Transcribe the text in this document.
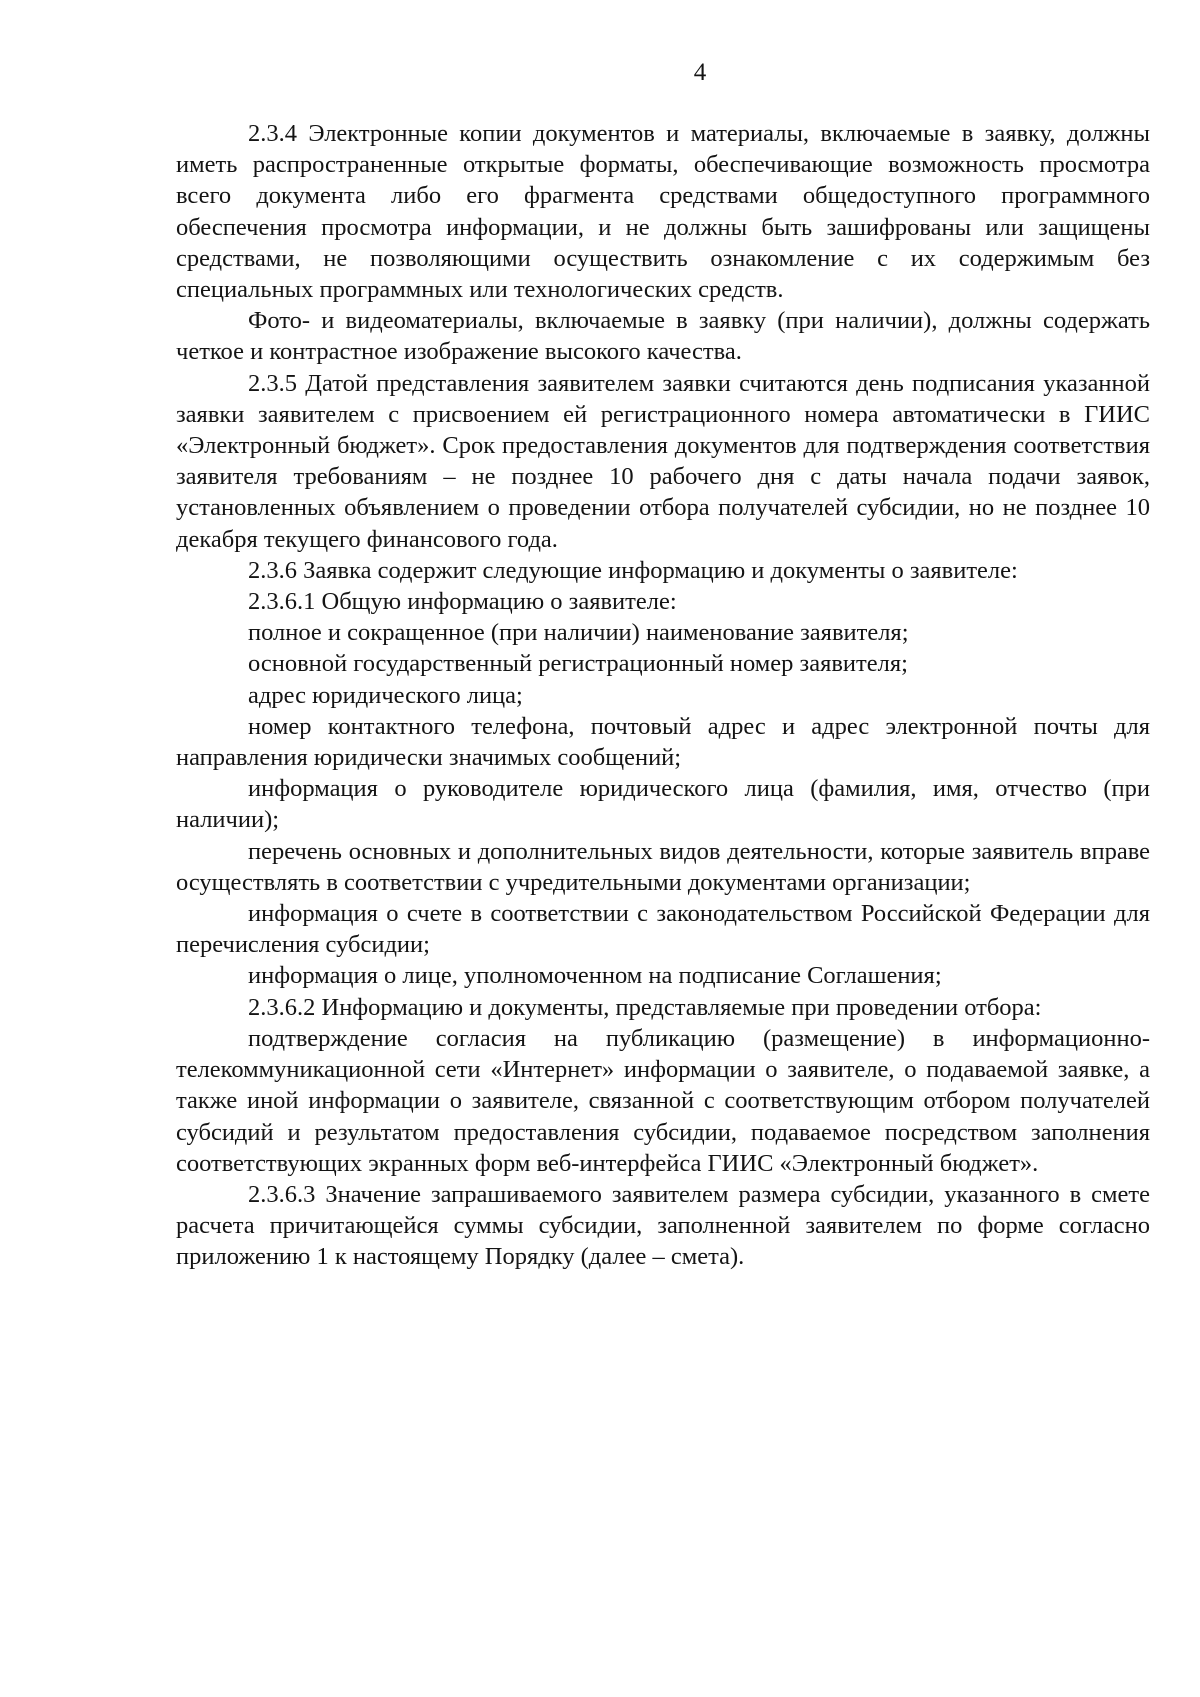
4

2.3.4 Электронные копии документов и материалы, включаемые в заявку, должны иметь распространенные открытые форматы, обеспечивающие возможность просмотра всего документа либо его фрагмента средствами общедоступного программного обеспечения просмотра информации, и не должны быть зашифрованы или защищены средствами, не позволяющими осуществить ознакомление с их содержимым без специальных программных или технологических средств.

Фото- и видеоматериалы, включаемые в заявку (при наличии), должны содержать четкое и контрастное изображение высокого качества.

2.3.5 Датой представления заявителем заявки считаются день подписания указанной заявки заявителем с присвоением ей регистрационного номера автоматически в ГИИС «Электронный бюджет». Срок предоставления документов для подтверждения соответствия заявителя требованиям – не позднее 10 рабочего дня с даты начала подачи заявок, установленных объявлением о проведении отбора получателей субсидии, но не позднее 10 декабря текущего финансового года.

2.3.6 Заявка содержит следующие информацию и документы о заявителе:

2.3.6.1 Общую информацию о заявителе:

полное и сокращенное (при наличии) наименование заявителя;

основной государственный регистрационный номер заявителя;

адрес юридического лица;

номер контактного телефона, почтовый адрес и адрес электронной почты для направления юридически значимых сообщений;

информация о руководителе юридического лица (фамилия, имя, отчество (при наличии);

перечень основных и дополнительных видов деятельности, которые заявитель вправе осуществлять в соответствии с учредительными документами организации;

информация о счете в соответствии с законодательством Российской Федерации для перечисления субсидии;

информация о лице, уполномоченном на подписание Соглашения;

2.3.6.2 Информацию и документы, представляемые при проведении отбора:

подтверждение согласия на публикацию (размещение) в информационно-телекоммуникационной сети «Интернет» информации о заявителе, о подаваемой заявке, а также иной информации о заявителе, связанной с соответствующим отбором получателей субсидий и результатом предоставления субсидии, подаваемое посредством заполнения соответствующих экранных форм веб-интерфейса ГИИС «Электронный бюджет».

2.3.6.3 Значение запрашиваемого заявителем размера субсидии, указанного в смете расчета причитающейся суммы субсидии, заполненной заявителем по форме согласно приложению 1 к настоящему Порядку (далее – смета).
